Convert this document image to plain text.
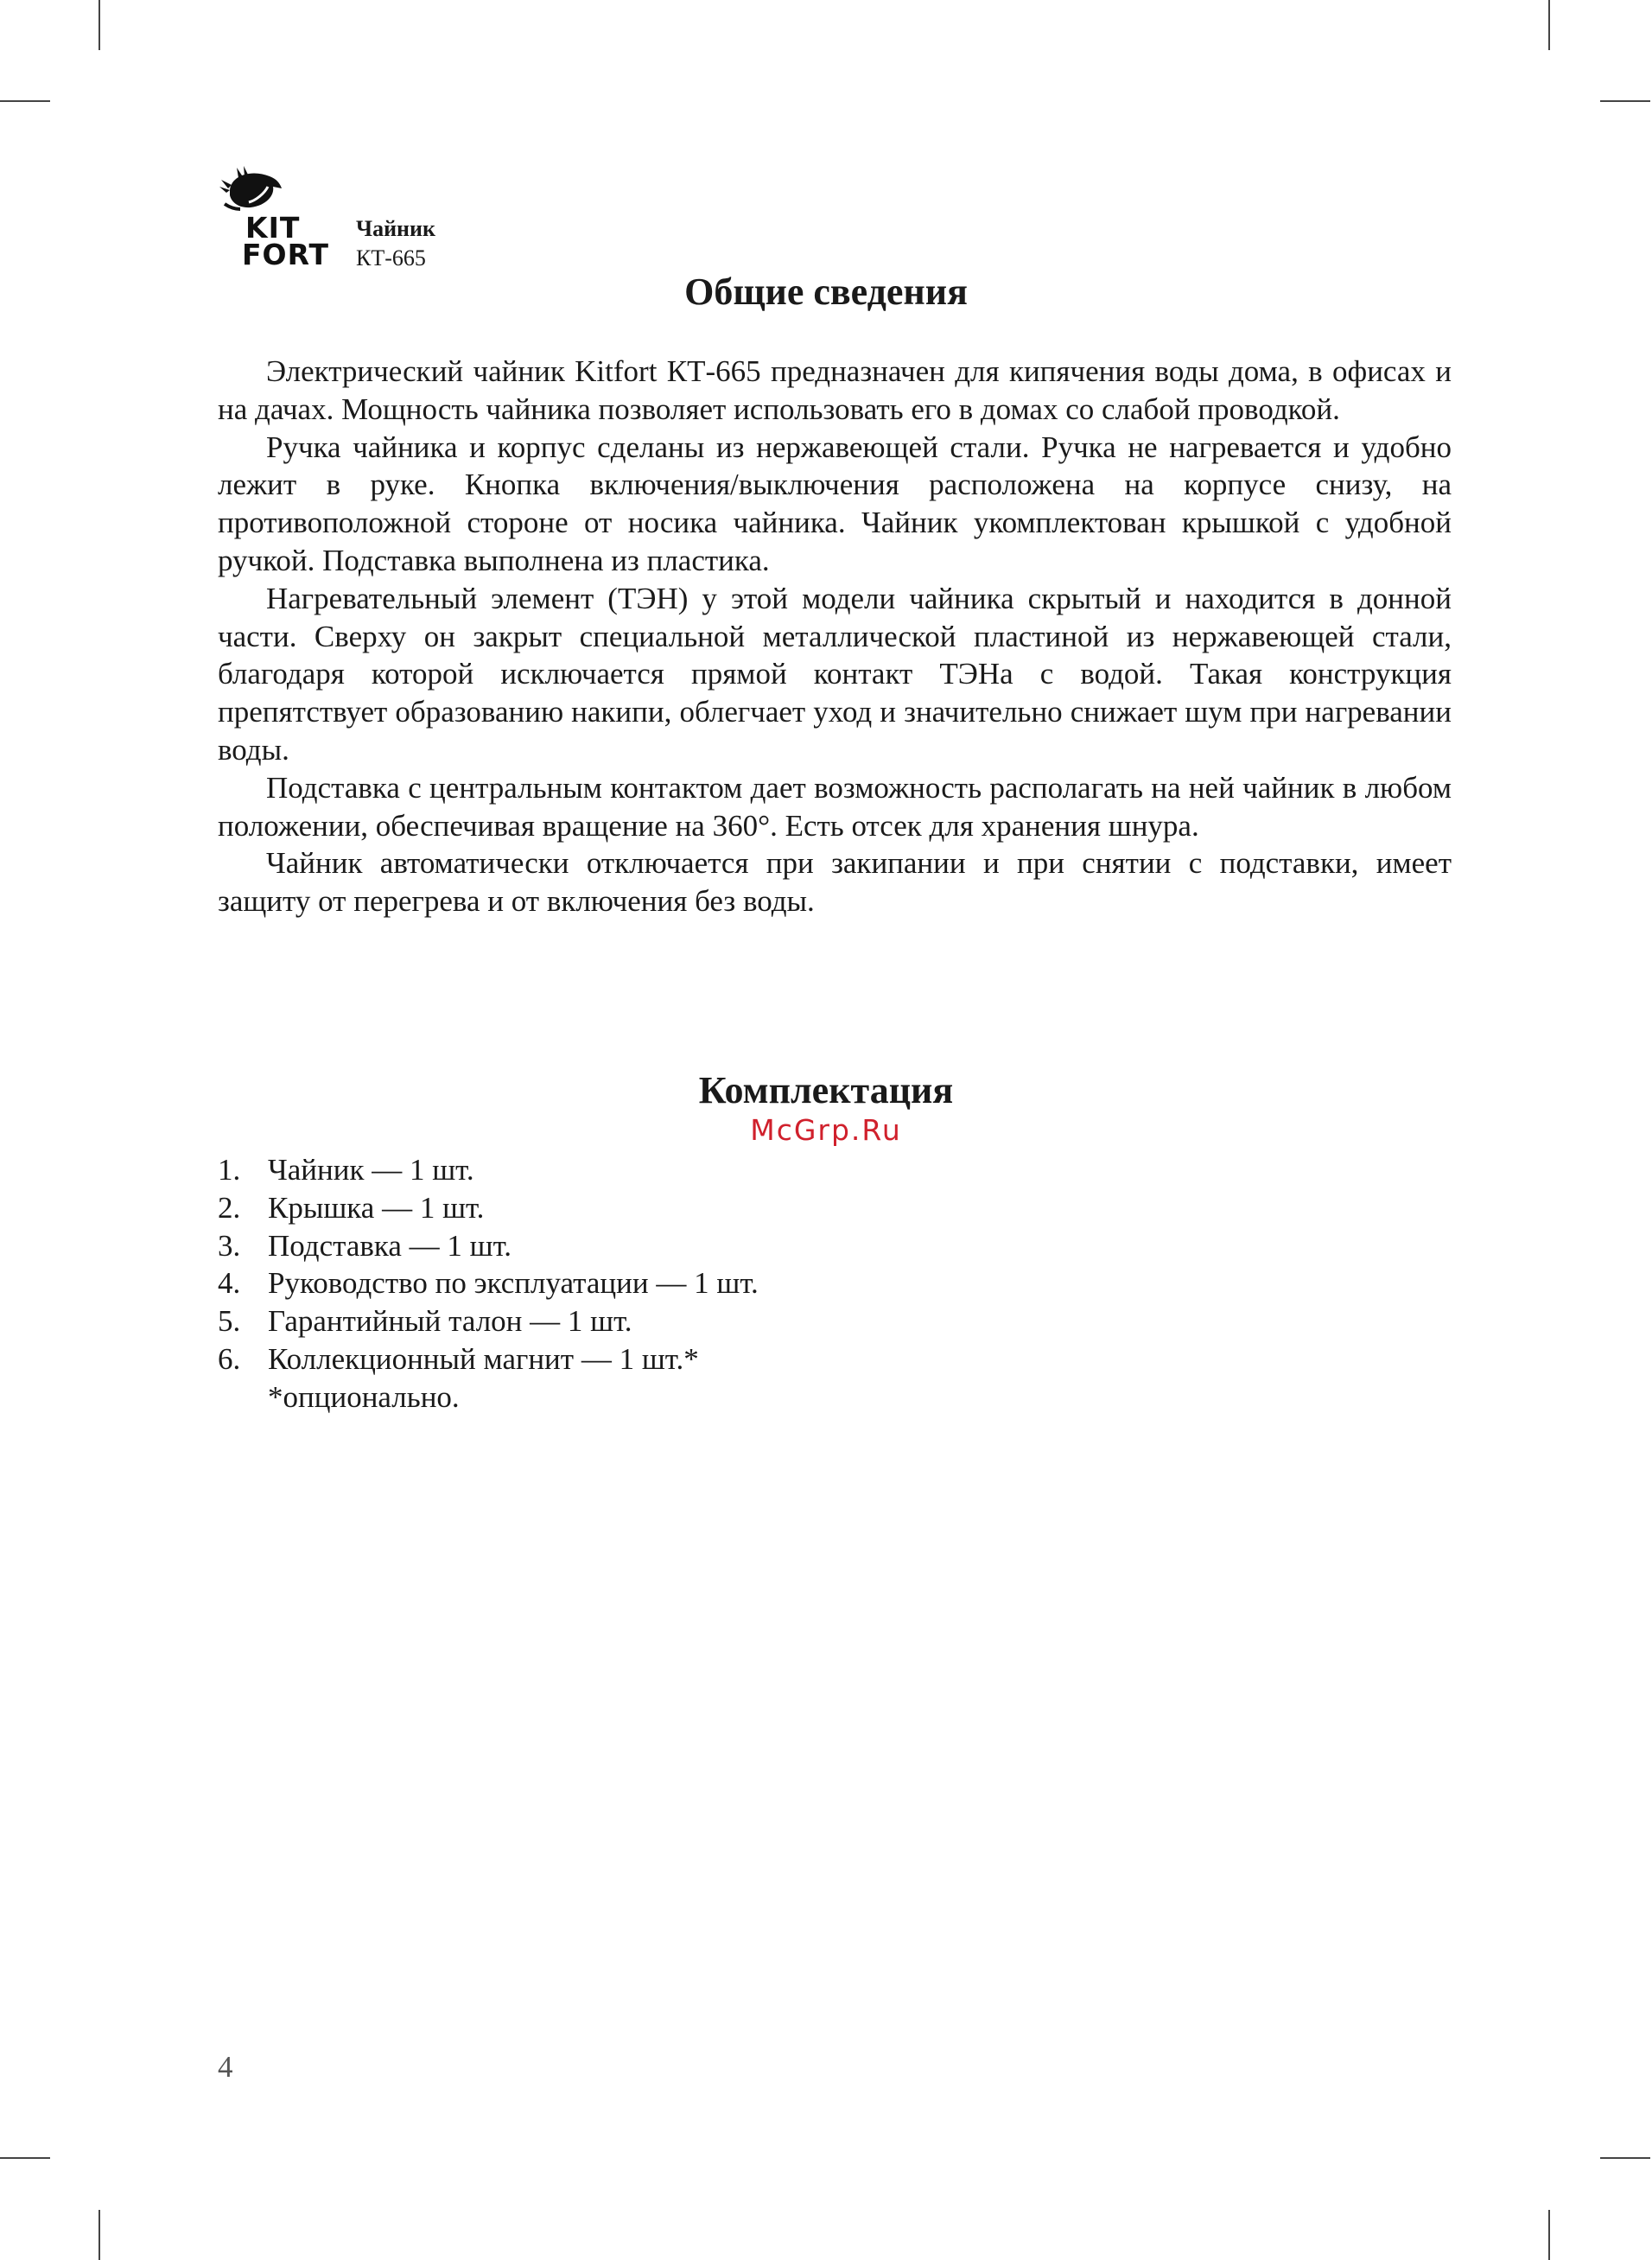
KIT
FORT
Чайник
КТ-665
Общие сведения

Электрический чайник Kitfort КТ-665 предназначен для кипячения воды дома, в офисах и на дачах. Мощность чайника позволяет использовать его в домах со слабой проводкой.

Ручка чайника и корпус сделаны из нержавеющей стали. Ручка не нагревается и удобно лежит в руке. Кнопка включения/выключения расположена на корпусе снизу, на противоположной стороне от носика чайника. Чайник укомплектован крышкой с удобной ручкой. Подставка выполнена из пластика.

Нагревательный элемент (ТЭН) у этой модели чайника скрытый и находится в донной части. Сверху он закрыт специальной металлической пластиной из нержавеющей стали, благодаря которой исключается прямой контакт ТЭНа с водой. Такая конструкция препятствует образованию накипи, облегчает уход и значительно снижает шум при нагревании воды.

Подставка с центральным контактом дает возможность располагать на ней чайник в любом положении, обеспечивая вращение на 360°. Есть отсек для хранения шнура.

Чайник автоматически отключается при закипании и при снятии с подставки, имеет защиту от перегрева и от включения без воды.

Комплектация
McGrp.Ru
1. Чайник — 1 шт.
2. Крышка — 1 шт.
3. Подставка — 1 шт.
4. Руководство по эксплуатации — 1 шт.
5. Гарантийный талон — 1 шт.
6. Коллекционный магнит — 1 шт.*
*опционально.
4
